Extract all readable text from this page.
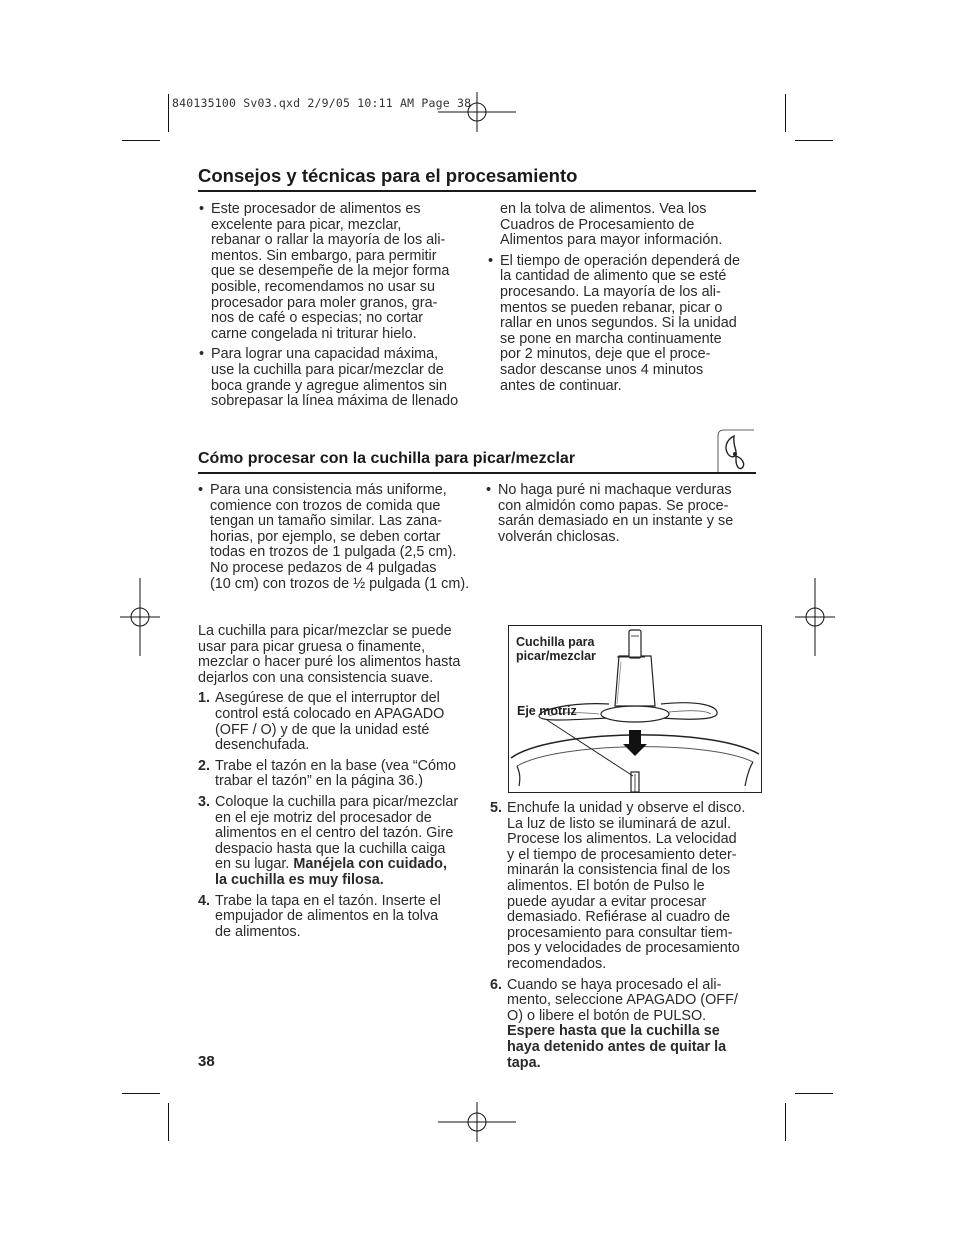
840135100 Sv03.qxd 2/9/05 10:11 AM Page 38
Consejos y técnicas para el procesamiento
• Este procesador de alimentos es
excelente para picar, mezclar,
rebanar o rallar la mayoría de los ali-
mentos. Sin embargo, para permitir
que se desempeñe de la mejor forma
posible, recomendamos no usar su
procesador para moler granos, gra-
nos de café o especias; no cortar
carne congelada ni triturar hielo.
• Para lograr una capacidad máxima,
use la cuchilla para picar/mezclar de
boca grande y agregue alimentos sin
sobrepasar la línea máxima de llenado
en la tolva de alimentos. Vea los
Cuadros de Procesamiento de
Alimentos para mayor información.
• El tiempo de operación dependerá de
la cantidad de alimento que se esté
procesando. La mayoría de los ali-
mentos se pueden rebanar, picar o
rallar en unos segundos. Si la unidad
se pone en marcha continuamente
por 2 minutos, deje que el proce-
sador descanse unos 4 minutos
antes de continuar.
Cómo procesar con la cuchilla para picar/mezclar
• Para una consistencia más uniforme,
comience con trozos de comida que
tengan un tamaño similar. Las zana-
horias, por ejemplo, se deben cortar
todas en trozos de 1 pulgada (2,5 cm).
No procese pedazos de 4 pulgadas
(10 cm) con trozos de ½ pulgada (1 cm).
• No haga puré ni machaque verduras
con almidón como papas. Se proce-
sarán demasiado en un instante y se
volverán chiclosas.
La cuchilla para picar/mezclar se puede
usar para picar gruesa o finamente,
mezclar o hacer puré los alimentos hasta
dejarlos con una consistencia suave.
1. Asegúrese de que el interruptor del
control está colocado en APAGADO
(OFF / O) y de que la unidad esté
desenchufada.
2. Trabe el tazón en la base (vea “Cómo
trabar el tazón” en la página 36.)
3. Coloque la cuchilla para picar/mezclar
en el eje motriz del procesador de
alimentos en el centro del tazón. Gire
despacio hasta que la cuchilla caiga
en su lugar. Manéjela con cuidado,
la cuchilla es muy filosa.
4. Trabe la tapa en el tazón. Inserte el
empujador de alimentos en la tolva
de alimentos.
Cuchilla para
picar/mezclar
Eje motriz
5. Enchufe la unidad y observe el disco.
La luz de listo se iluminará de azul.
Procese los alimentos. La velocidad
y el tiempo de procesamiento deter-
minarán la consistencia final de los
alimentos. El botón de Pulso le
puede ayudar a evitar procesar
demasiado. Refiérase al cuadro de
procesamiento para consultar tiem-
pos y velocidades de procesamiento
recomendados.
6. Cuando se haya procesado el ali-
mento, seleccione APAGADO (OFF/
O) o libere el botón de PULSO.
Espere hasta que la cuchilla se
haya detenido antes de quitar la
tapa.
38
